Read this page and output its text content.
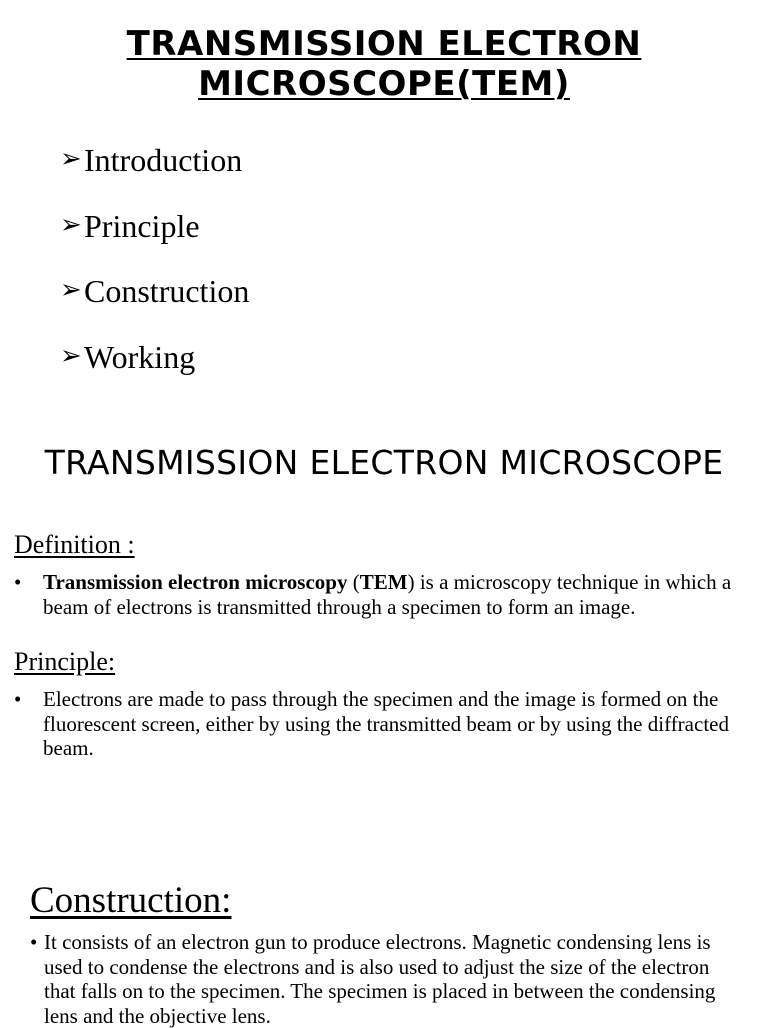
TRANSMISSION ELECTRON
MICROSCOPE(TEM)
➢Introduction
➢Principle
➢Construction
➢Working
TRANSMISSION ELECTRON MICROSCOPE
Definition :
•	Transmission electron microscopy (TEM) is a microscopy technique in which a beam of electrons is transmitted through a specimen to form an image.
Principle:
•	Electrons are made to pass through the specimen and the image is formed on the fluorescent screen, either by using the transmitted beam or by using the diffracted beam.
Construction:
• It consists of an electron gun to produce electrons. Magnetic condensing lens is used to condense the electrons and is also used to adjust the size of the electron that falls on to the specimen. The specimen is placed in between the condensing lens and the objective lens.
